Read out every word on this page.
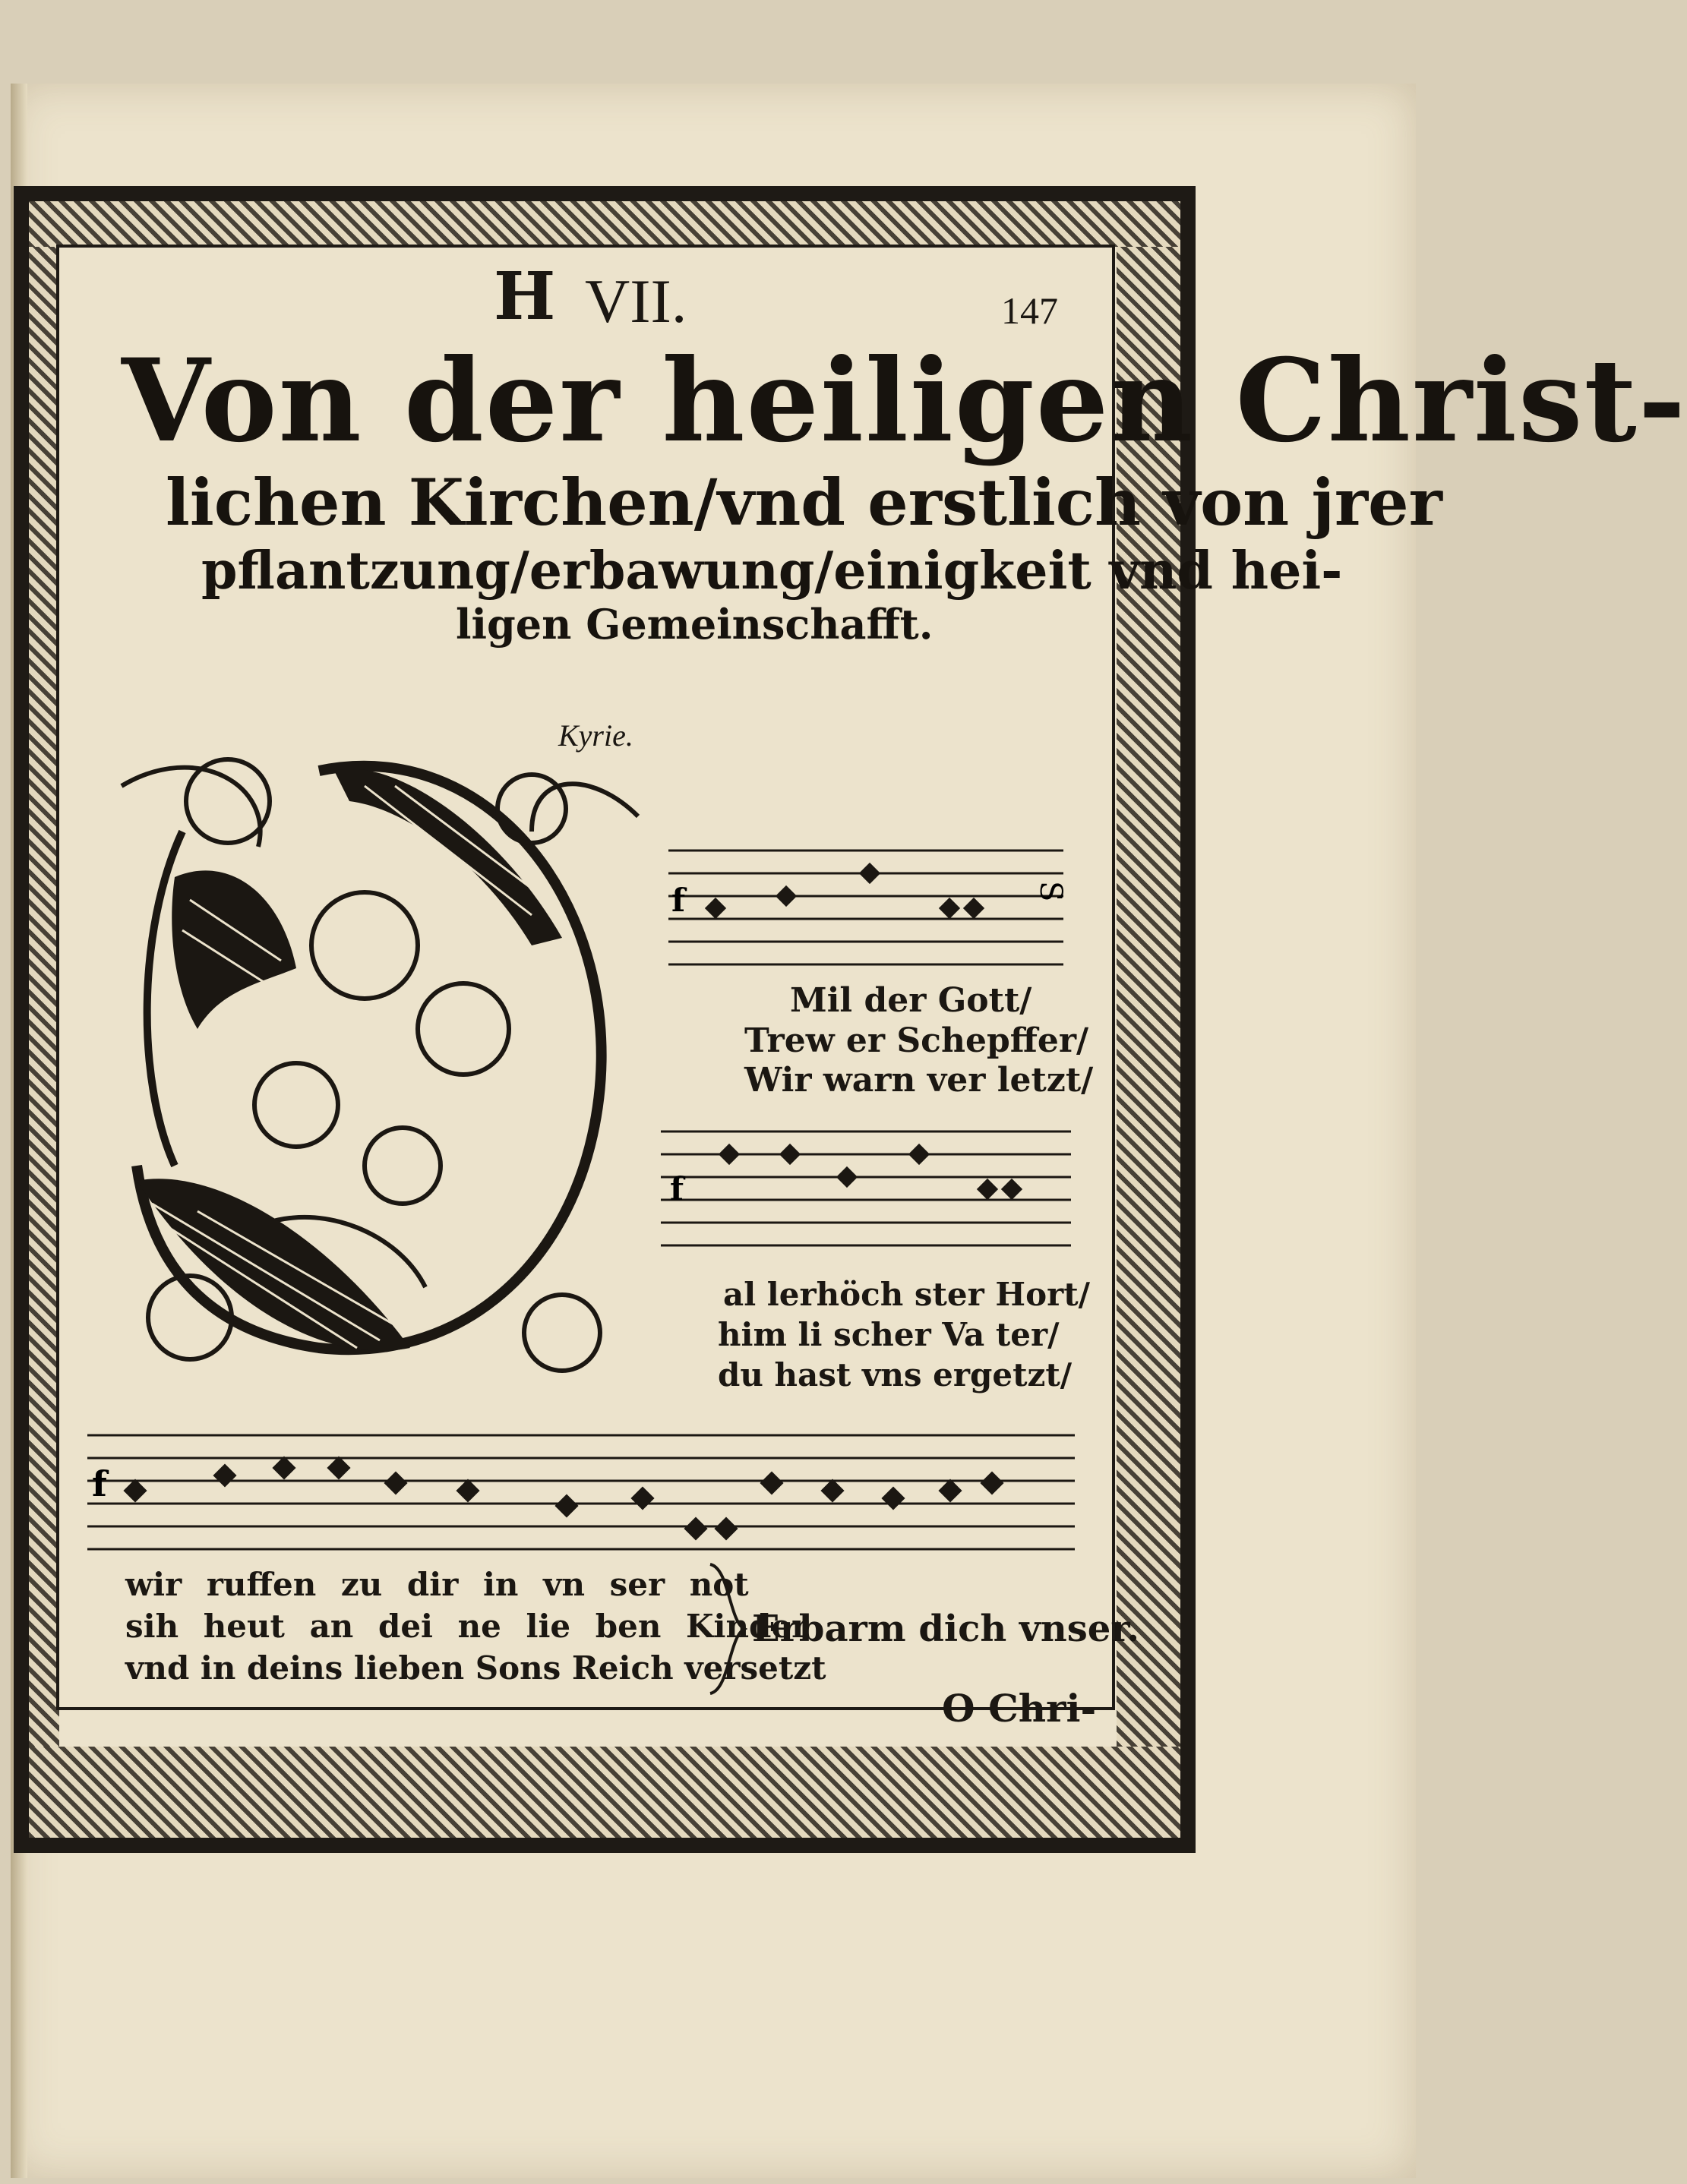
H VII.	147
Von der heiligen Christ-
lichen Kirchen/vnd erstlich von jrer
pflantzung/erbawung/einigkeit vnd hei-
ligen Gemeinschafft.
Kyrie.
f	S
Mil der Gott/
Trew er Schepffer/
Wir warn ver letzt/
f
al lerhöch ster Hort/
him li scher Va ter/
du hast vns ergetzt/
f
wir ruffen zu dir in vn ser not
sih heut an dei ne lie ben Kinder
vnd in deins lieben Sons Reich versetzt
Erbarm dich vnser.
O Chri-
